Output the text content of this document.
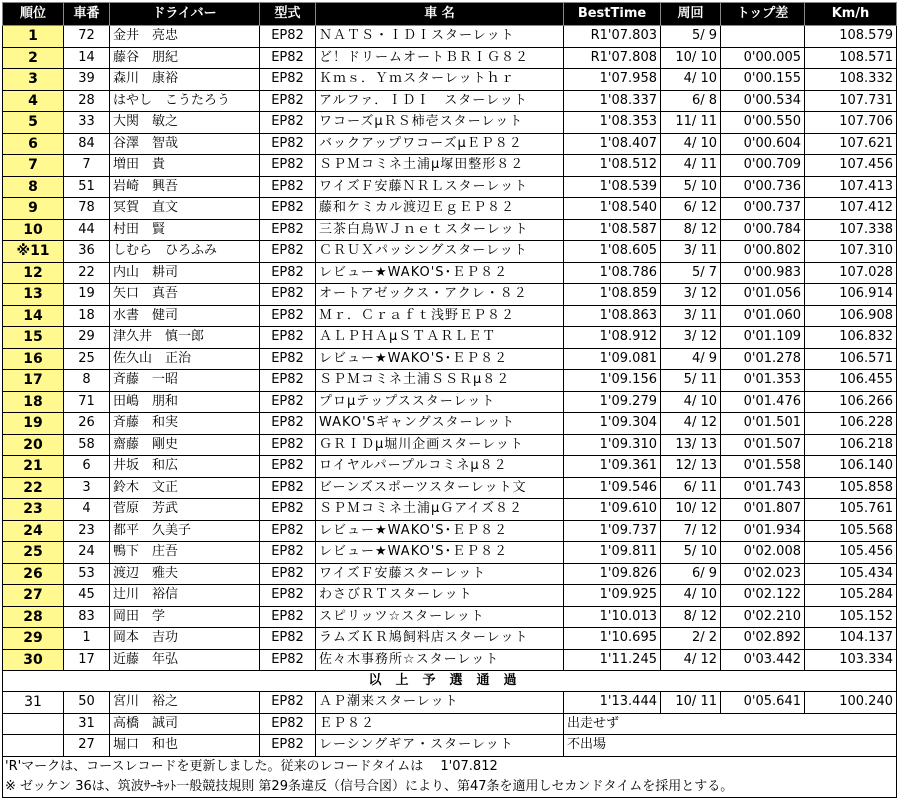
順位	車番	ドライバー	型式	車 名	BestTime	周回	トップ差	Km/h
1	72	金井　亮忠	EP82	ＮＡＴＳ・ＩＤＩスターレット	R1'07.803	5/ 9		108.579
2	14	藤谷　朋紀	EP82	ど！ドリームオートＢＲＩＧ８２	R1'07.808	10/ 10	0'00.005	108.571
3	39	森川　康裕	EP82	Ｋｍｓ．Ｙｍスターレットｈｒ	1'07.958	4/ 10	0'00.155	108.332
4	28	はやし　こうたろう	EP82	アルファ．ＩＤＩ　スターレット	1'08.337	6/ 8	0'00.534	107.731
5	33	大関　敏之	EP82	ワコーズμＲＳ柿壱スターレット	1'08.353	11/ 11	0'00.550	107.706
6	84	谷澤　智哉	EP82	バックアップワコーズμＥＰ８２	1'08.407	4/ 10	0'00.604	107.621
7	7	増田　貴	EP82	ＳＰＭコミネ土浦μ塚田整形８２	1'08.512	4/ 11	0'00.709	107.456
8	51	岩崎　興吾	EP82	ワイズＦ安藤ＮＲＬスターレット	1'08.539	5/ 10	0'00.736	107.413
9	78	冥賀　直文	EP82	藤和ケミカル渡辺ＥｇＥＰ８２	1'08.540	6/ 12	0'00.737	107.412
10	44	村田　賢	EP82	三茶白鳥ＷＪｎｅｔスターレット	1'08.587	8/ 12	0'00.784	107.338
※11	36	しむら　ひろふみ	EP82	ＣＲＵＸパッシングスターレット	1'08.605	3/ 11	0'00.802	107.310
12	22	内山　耕司	EP82	レビュー★WAKO'S･ＥＰ８２	1'08.786	5/ 7	0'00.983	107.028
13	19	矢口　真吾	EP82	オートアゼックス・アクレ・８２	1'08.859	3/ 12	0'01.056	106.914
14	18	水書　健司	EP82	Ｍｒ．Ｃｒａｆｔ浅野ＥＰ８２	1'08.863	3/ 11	0'01.060	106.908
15	29	津久井　慎一郎	EP82	ＡＬＰＨＡμＳＴＡＲＬＥＴ	1'08.912	3/ 12	0'01.109	106.832
16	25	佐久山　正治	EP82	レビュー★WAKO'S･ＥＰ８２	1'09.081	4/ 9	0'01.278	106.571
17	8	斉藤　一昭	EP82	ＳＰＭコミネ土浦ＳＳＲμ８２	1'09.156	5/ 11	0'01.353	106.455
18	71	田嶋　朋和	EP82	プロμテップススターレット	1'09.279	4/ 10	0'01.476	106.266
19	26	斉藤　和実	EP82	WAKO'Sギャングスターレット	1'09.304	4/ 12	0'01.501	106.228
20	58	齋藤　剛史	EP82	ＧＲＩＤμ堀川企画スターレット	1'09.310	13/ 13	0'01.507	106.218
21	6	井坂　和広	EP82	ロイヤルパープルコミネμ８２	1'09.361	12/ 13	0'01.558	106.140
22	3	鈴木　文正	EP82	ビーンズスポーツスターレット文	1'09.546	6/ 11	0'01.743	105.858
23	4	菅原　芳武	EP82	ＳＰＭコミネ土浦μＧアイズ８２	1'09.610	10/ 12	0'01.807	105.761
24	23	都平　久美子	EP82	レビュー★WAKO'S･ＥＰ８２	1'09.737	7/ 12	0'01.934	105.568
25	24	鴨下　庄吾	EP82	レビュー★WAKO'S･ＥＰ８２	1'09.811	5/ 10	0'02.008	105.456
26	53	渡辺　雅夫	EP82	ワイズＦ安藤スターレット	1'09.826	6/ 9	0'02.023	105.434
27	45	辻川　裕信	EP82	わさびＲＴスターレット	1'09.925	4/ 10	0'02.122	105.284
28	83	岡田　学	EP82	スピリッツ☆スターレット	1'10.013	8/ 12	0'02.210	105.152
29	1	岡本　吉功	EP82	ラムズＫＲ鳩飼料店スターレット	1'10.695	2/ 2	0'02.892	104.137
30	17	近藤　年弘	EP82	佐々木事務所☆スターレット	1'11.245	4/ 12	0'03.442	103.334
以上予選通過								
31	50	宮川　裕之	EP82	ＡＰ潮来スターレット	1'13.444	10/ 11	0'05.641	100.240
	31	高橋　誠司	EP82	ＥＰ８２	出走せず			
	27	堀口　和也	EP82	レーシングギア・スターレット	不出場			
'R'マークは、コースレコードを更新しました。従来のレコードタイムは　 1'07.812								
※ ゼッケン 36は、筑波ｻｰｷｯﾄ一般競技規則 第29条違反（信号合図）により、第47条を適用しセカンドタイムを採用とする。								
